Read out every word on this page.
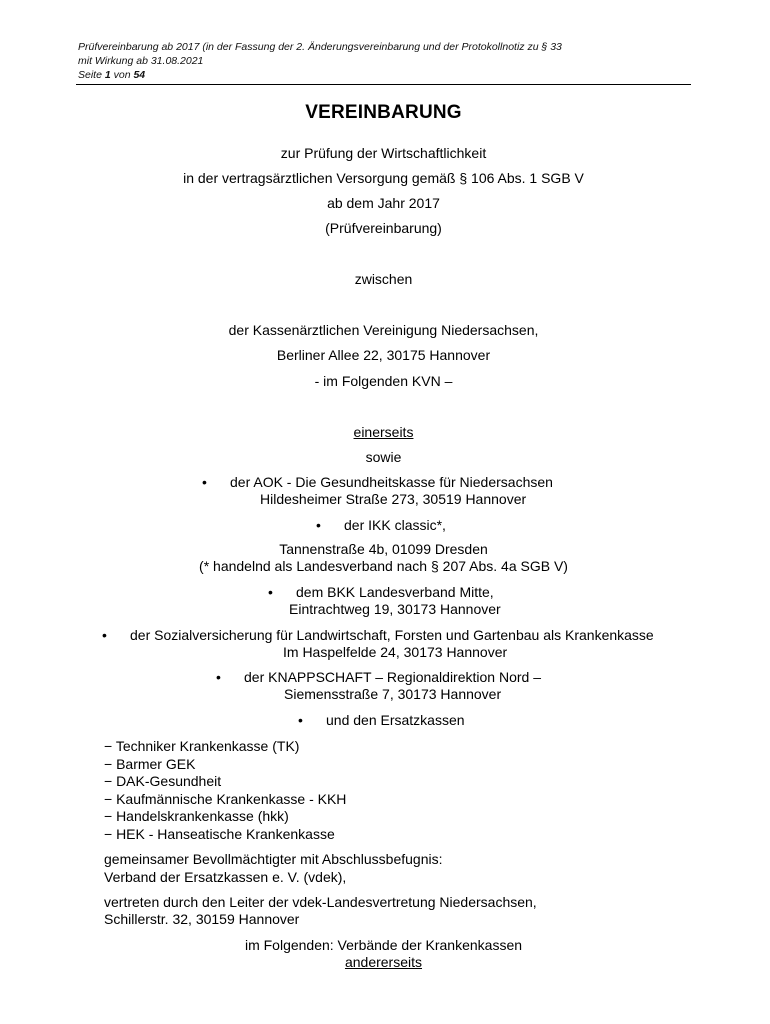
Prüfvereinbarung ab 2017 (in der Fassung der 2. Änderungsvereinbarung und der Protokollnotiz zu § 33
mit Wirkung ab 31.08.2021
Seite 1 von 54
VEREINBARUNG
zur Prüfung der Wirtschaftlichkeit
in der vertragsärztlichen Versorgung gemäß § 106 Abs. 1 SGB V
ab dem Jahr 2017
(Prüfvereinbarung)
zwischen
der Kassenärztlichen Vereinigung Niedersachsen,
Berliner Allee 22, 30175 Hannover
- im Folgenden KVN –
einerseits
sowie
• der AOK - Die Gesundheitskasse für Niedersachsen
Hildesheimer Straße 273, 30519 Hannover
• der IKK classic*,
Tannenstraße 4b, 01099 Dresden
(* handelnd als Landesverband nach § 207 Abs. 4a SGB V)
• dem BKK Landesverband Mitte,
Eintrachtweg 19, 30173 Hannover
• der Sozialversicherung für Landwirtschaft, Forsten und Gartenbau als Krankenkasse
Im Haspelfelde 24, 30173 Hannover
• der KNAPPSCHAFT – Regionaldirektion Nord –
Siemensstraße 7, 30173 Hannover
• und den Ersatzkassen
− Techniker Krankenkasse (TK)
− Barmer GEK
− DAK-Gesundheit
− Kaufmännische Krankenkasse - KKH
− Handelskrankenkasse (hkk)
− HEK - Hanseatische Krankenkasse
gemeinsamer Bevollmächtigter mit Abschlussbefugnis:
Verband der Ersatzkassen e. V. (vdek),
vertreten durch den Leiter der vdek-Landesvertretung Niedersachsen,
Schillerstr. 32, 30159 Hannover
im Folgenden: Verbände der Krankenkassen
andererseits
